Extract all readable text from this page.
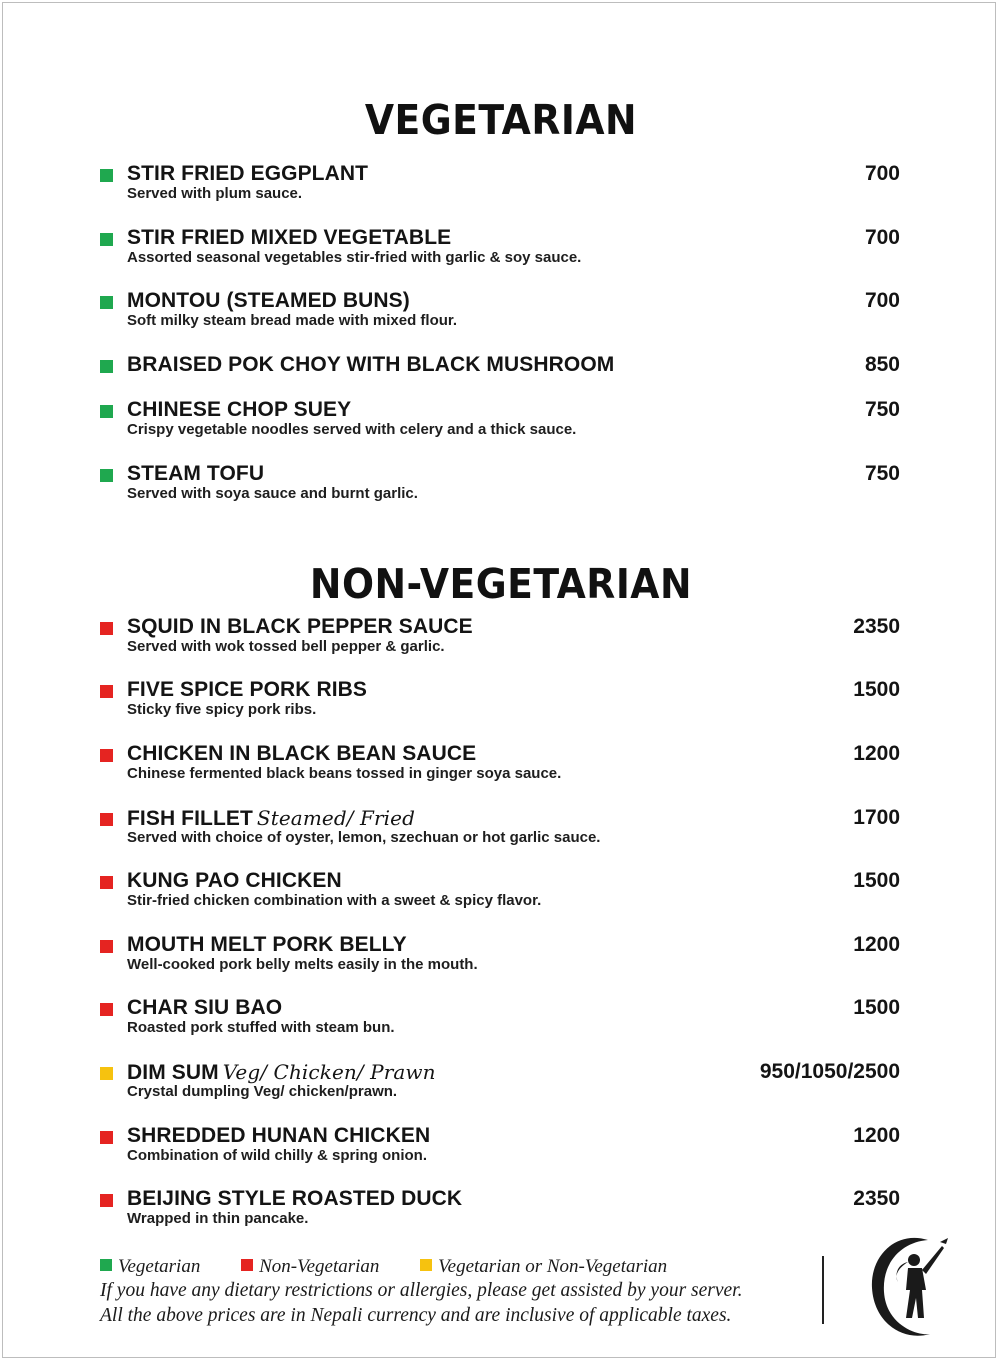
VEGETARIAN
STIR FRIED EGGPLANT	700
Served with plum sauce.
STIR FRIED MIXED VEGETABLE	700
Assorted seasonal vegetables stir-fried with garlic & soy sauce.
MONTOU (STEAMED BUNS)	700
Soft milky steam bread made with mixed flour.
BRAISED POK CHOY WITH BLACK MUSHROOM	850
CHINESE CHOP SUEY	750
Crispy vegetable noodles served with celery and a thick sauce.
STEAM TOFU	750
Served with soya sauce and burnt garlic.
NON-VEGETARIAN
SQUID IN BLACK PEPPER SAUCE	2350
Served with wok tossed bell pepper & garlic.
FIVE SPICE PORK RIBS	1500
Sticky five spicy pork ribs.
CHICKEN IN BLACK BEAN SAUCE	1200
Chinese fermented black beans tossed in ginger soya sauce.
FISH FILLET Steamed/ Fried	1700
Served with choice of oyster, lemon, szechuan or hot garlic sauce.
KUNG PAO CHICKEN	1500
Stir-fried chicken combination with a sweet & spicy flavor.
MOUTH MELT PORK BELLY	1200
Well-cooked pork belly melts easily in the mouth.
CHAR SIU BAO	1500
Roasted pork stuffed with steam bun.
DIM SUM Veg/ Chicken/ Prawn	950/1050/2500
Crystal dumpling Veg/ chicken/prawn.
SHREDDED HUNAN CHICKEN	1200
Combination of wild chilly & spring onion.
BEIJING STYLE ROASTED DUCK	2350
Wrapped in thin pancake.
Vegetarian	Non-Vegetarian	Vegetarian or Non-Vegetarian
If you have any dietary restrictions or allergies, please get assisted by your server.
All the above prices are in Nepali currency and are inclusive of applicable taxes.
